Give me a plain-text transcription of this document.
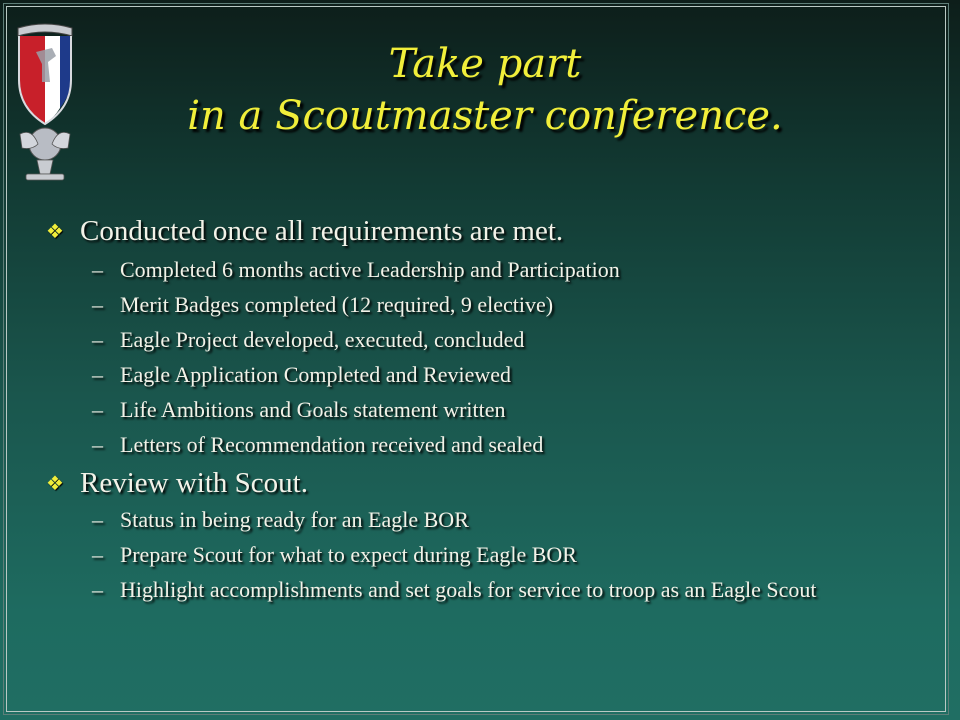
Take part
in a Scoutmaster conference.
❖ Conducted once all requirements are met.
– Completed 6 months active Leadership and Participation
– Merit Badges completed (12 required, 9 elective)
– Eagle Project developed, executed, concluded
– Eagle Application Completed and Reviewed
– Life Ambitions and Goals statement written
– Letters of Recommendation received and sealed
❖ Review with Scout.
– Status in being ready for an Eagle BOR
– Prepare Scout for what to expect during Eagle BOR
– Highlight accomplishments and set goals for service to troop as an Eagle Scout
